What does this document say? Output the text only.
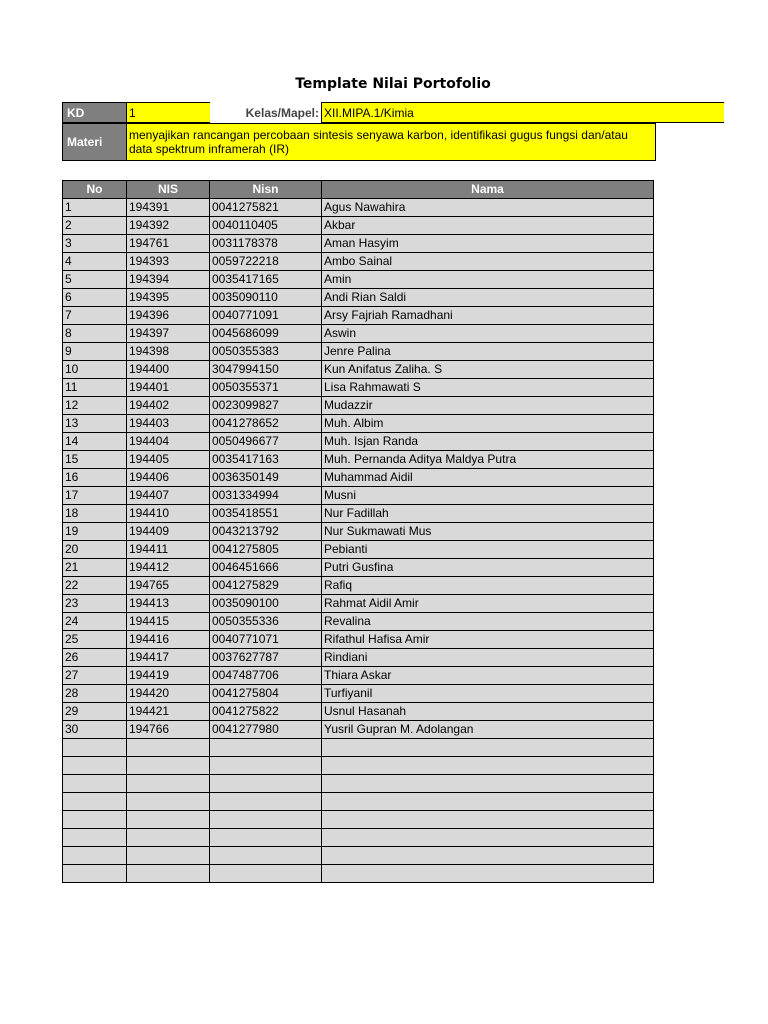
Template Nilai Portofolio
KD	1	Kelas/Mapel:	XII.MIPA.1/Kimia
Materi	menyajikan rancangan percobaan sintesis senyawa karbon, identifikasi gugus fungsi dan/atau data spektrum inframerah (IR)
No	NIS	Nisn	Nama
1	194391	0041275821	Agus Nawahira
2	194392	0040110405	Akbar
3	194761	0031178378	Aman Hasyim
4	194393	0059722218	Ambo Sainal
5	194394	0035417165	Amin
6	194395	0035090110	Andi Rian Saldi
7	194396	0040771091	Arsy Fajriah Ramadhani
8	194397	0045686099	Aswin
9	194398	0050355383	Jenre Palina
10	194400	3047994150	Kun Anifatus Zaliha. S
11	194401	0050355371	Lisa Rahmawati S
12	194402	0023099827	Mudazzir
13	194403	0041278652	Muh. Albim
14	194404	0050496677	Muh. Isjan Randa
15	194405	0035417163	Muh. Pernanda Aditya Maldya Putra
16	194406	0036350149	Muhammad Aidil
17	194407	0031334994	Musni
18	194410	0035418551	Nur Fadillah
19	194409	0043213792	Nur Sukmawati Mus
20	194411	0041275805	Pebianti
21	194412	0046451666	Putri Gusfina
22	194765	0041275829	Rafiq
23	194413	0035090100	Rahmat Aidil Amir
24	194415	0050355336	Revalina
25	194416	0040771071	Rifathul Hafisa Amir
26	194417	0037627787	Rindiani
27	194419	0047487706	Thiara Askar
28	194420	0041275804	Turfiyanil
29	194421	0041275822	Usnul Hasanah
30	194766	0041277980	Yusril Gupran M. Adolangan
